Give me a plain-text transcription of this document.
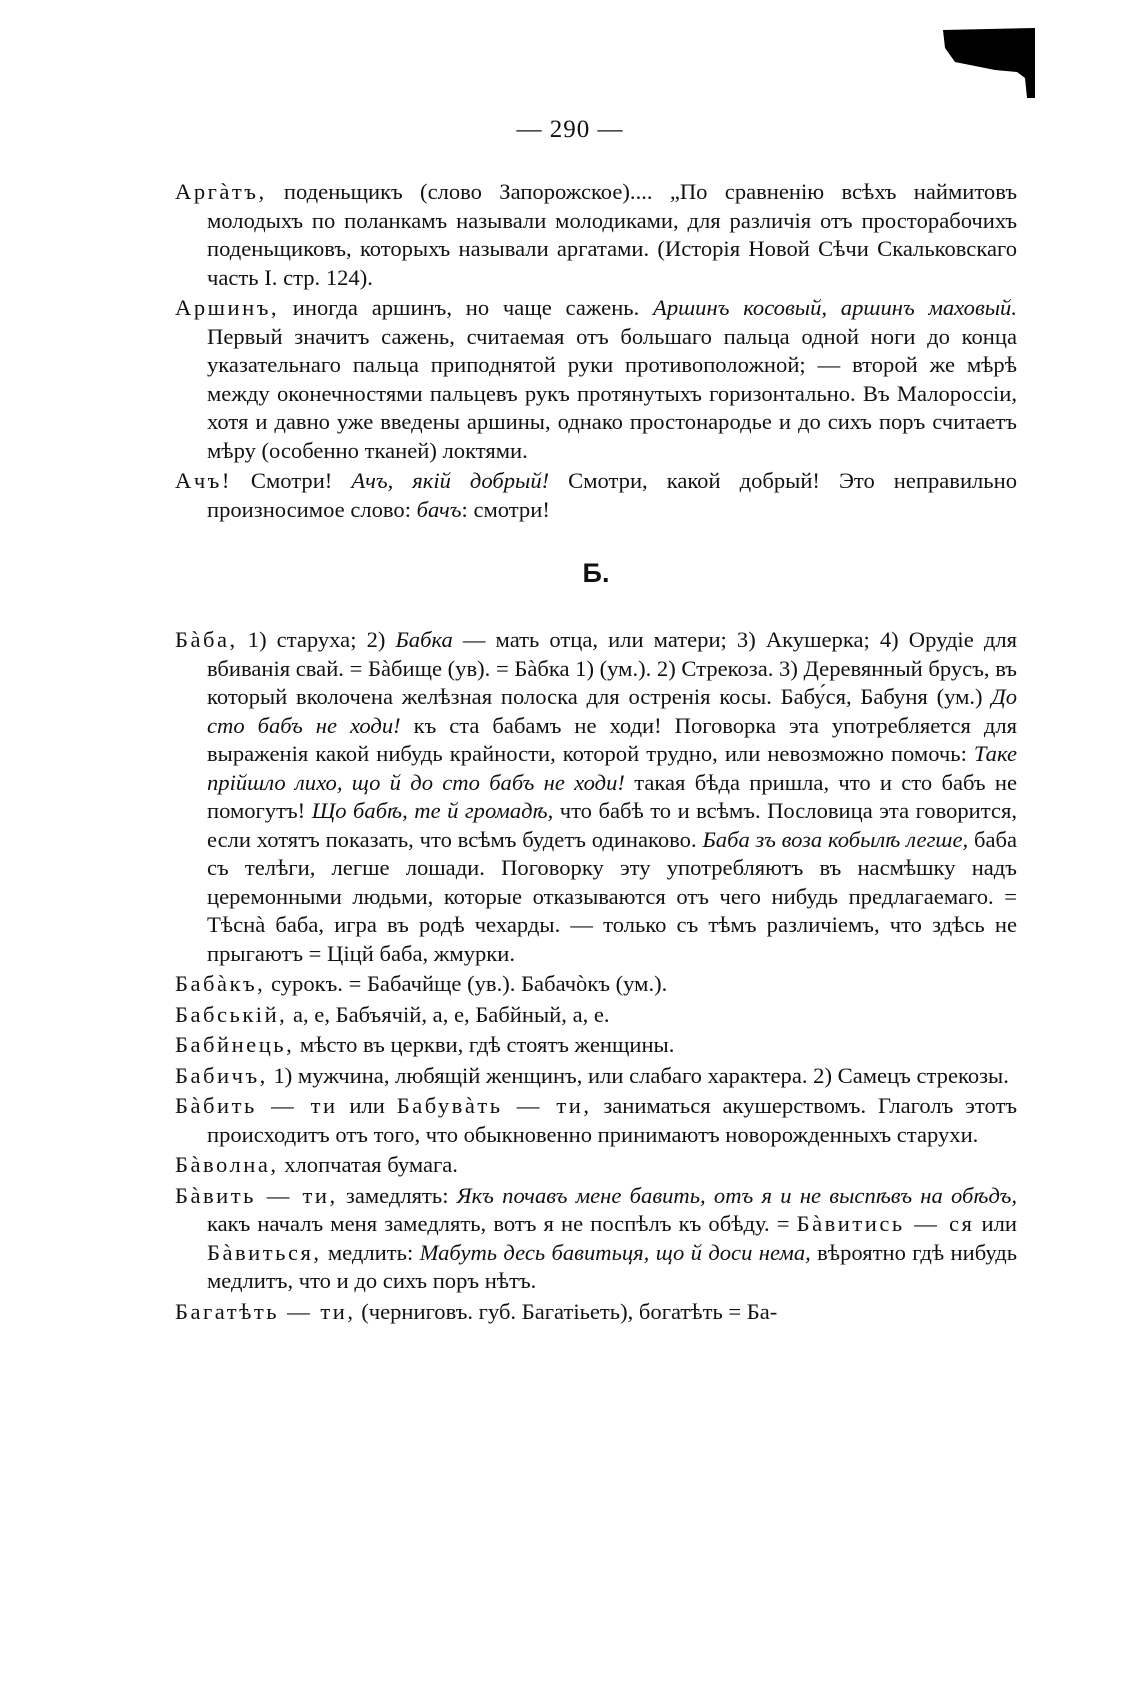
— 290 —

Аргàтъ, поденьщикъ (слово Запорожское).... „По сравненію всѣхъ наймитовъ молодыхъ по поланкамъ называли молодиками, для различія отъ простoрабочихъ поденьщиковъ, которыхъ называли аргатами. (Исторія Новой Сѣчи Скальковскаго часть I. стр. 124).

Аршинъ, иногда аршинъ, но чаще сажень. Аршинъ косовый, аршинъ маховый. Первый значитъ сажень, считаемая отъ большаго пальца одной ноги до конца указательнаго пальца приподнятой руки противоположной; — второй же мѣрѣ между оконечностями пальцевъ рукъ протянутыхъ горизонтально. Въ Малороссіи, хотя и давно уже введены аршины, однако простонародье и до сихъ поръ считаетъ мѣру (особенно тканей) локтями.

Ачъ! Смотри! Ачъ, якій добрый! Смотри, какой добрый! Это неправильно произносимое слово: бачъ: смотри!

Б.

Бàба, 1) старуха; 2) Бабка — мать отца, или матери; 3) Акушерка; 4) Орудіе для вбиванія свай. = Бàбище (ув). = Бàбка 1) (ум.). 2) Стрекоза. 3) Деревянный брусъ, въ который вколочена желѣзная полоска для остренія косы. Бабу́ся, Бабуня (ум.) До сто бабъ не ходи! къ ста бабамъ не ходи! Поговорка эта употребляется для выраженія какой нибудь крайности, которой трудно, или невозможно помочь: Таке прійшло лихо, що й до сто бабъ не ходи! такая бѣда пришла, что и сто бабъ не помогутъ! Що бабѣ, те й громадѣ, что бабѣ то и всѣмъ. Пословица эта говорится, если хотятъ показать, что всѣмъ будетъ одинаково. Баба зъ воза кобылѣ легше, баба съ телѣги, легше лошади. Поговорку эту употребляютъ въ насмѣшку надъ церемонными людьми, которые отказываются отъ чего нибудь предлагаемаго. = Тѣснà баба, игра въ родѣ чехарды. — только съ тѣмъ различіемъ, что здѣсь не прыгаютъ = Ціцй баба, жмурки.

Бабàкъ, сурокъ. = Бабачйще (ув.). Бабачòкъ (ум.).

Бабській, а, е, Бабъячій, а, е, Бабйный, а, е.

Бабйнець, мѣсто въ церкви, гдѣ стоятъ женщины.

Бабичъ, 1) мужчина, любящій женщинъ, или слабаго характера. 2) Самецъ стрекозы.

Бàбить — ти или Бабувàть — ти, заниматься акушерствомъ. Глаголъ этотъ происходитъ отъ того, что обыкновенно принимаютъ новорожденныхъ старухи.

Бàволна, хлопчатая бумага.

Бàвить — ти, замедлять: Якъ почавъ мене бавить, отъ я и не выспѣвъ на обѣдъ, какъ началъ меня замедлять, вотъ я не поспѣлъ къ обѣду. = Бàвитись — ся или Бàвиться, медлить: Мабуть десь бавитьця, що й доси нема, вѣроятно гдѣ нибудь медлитъ, что и до сихъ поръ нѣтъ.

Багатѣть — ти, (черниговъ. губ. Багатіьеть), богатѣть = Ба-
